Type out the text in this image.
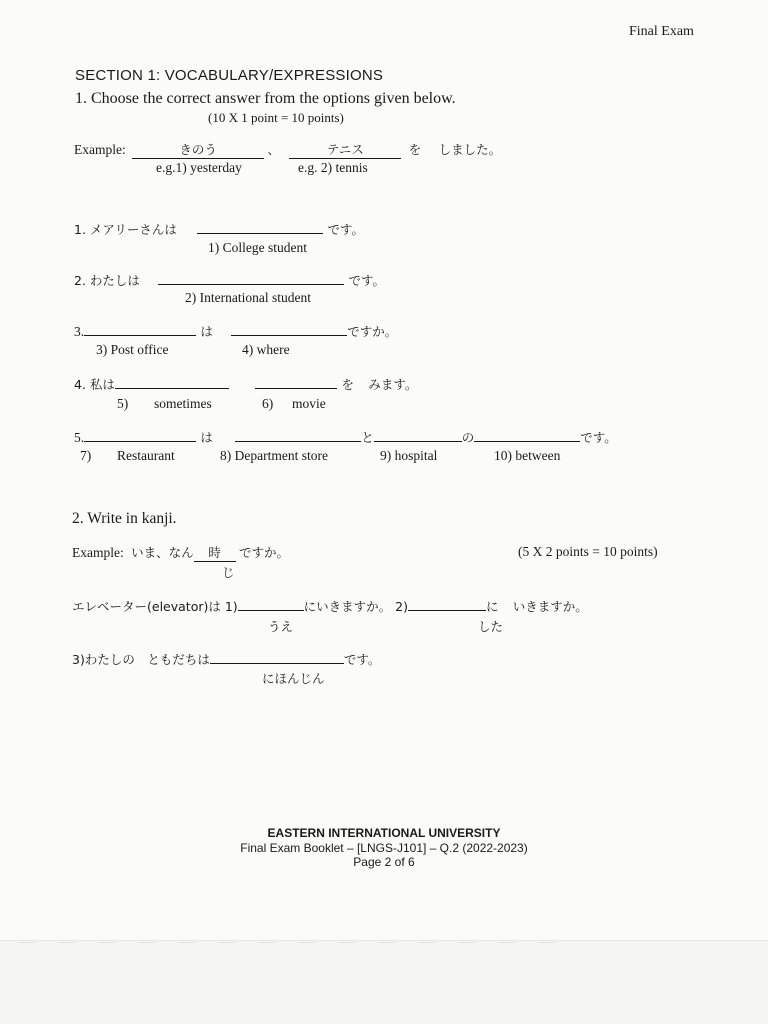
Final Exam
SECTION 1: VOCABULARY/EXPRESSIONS
1. Choose the correct answer from the options given below.
(10 X 1 point = 10 points)
Example:	きのう	、	テニス	を しました。
e.g.1) yesterday	e.g. 2) tennis
1. メアリーさんは	です。
1) College student
2. わたしは	です。
2) International student
3.	は	ですか。
3) Post office	4) where
4. 私は	を みます。
5) sometimes	6) movie
5.	は	と	の	です。
7) Restaurant	8) Department store	9) hospital	10) between
2. Write in kanji.
Example: いま、なん 時 ですか。
じ
(5 X 2 points = 10 points)
エレベーター(elevator)は 1)	にいきますか。 2)	に いきますか。
うえ	した
3)わたしの　ともだちは	です。
にほんじん
EASTERN INTERNATIONAL UNIVERSITY
Final Exam Booklet – [LNGS-J101] – Q.2 (2022-2023)
Page 2 of 6
